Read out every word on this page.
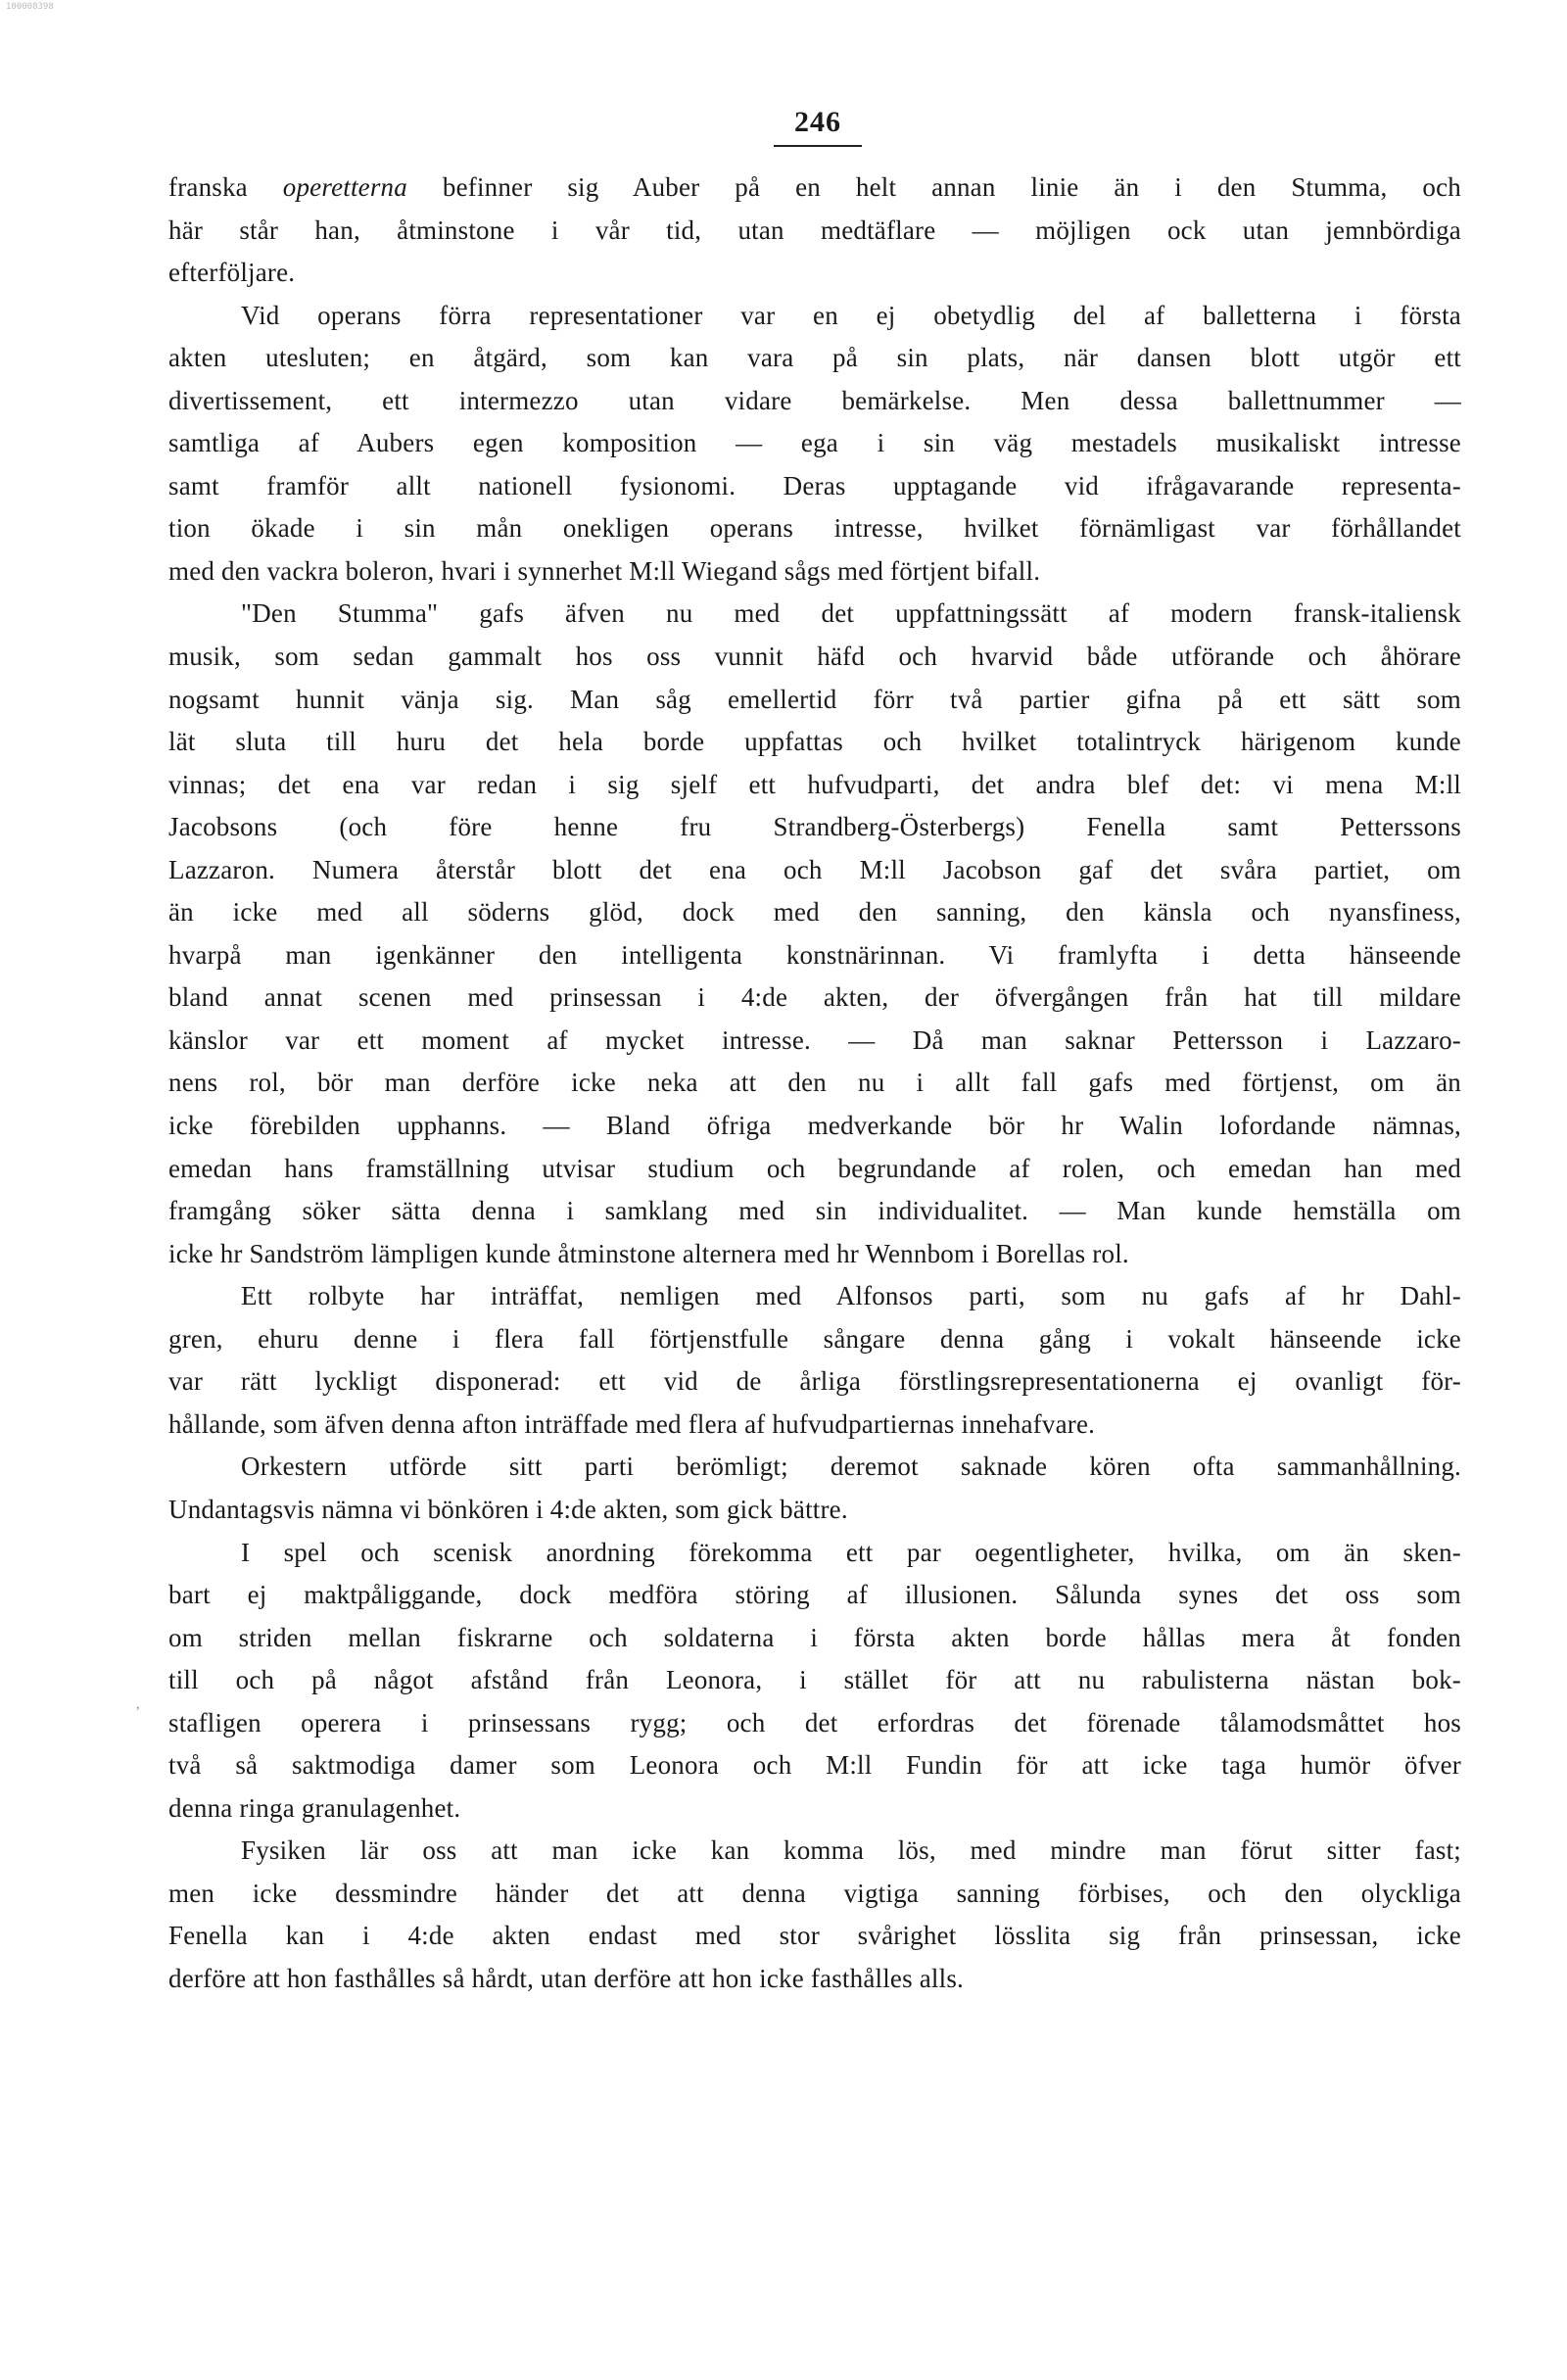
100008398
246
’
franska operetterna befinner sig Auber på en helt annan linie än i den Stumma, och
här står han, åtminstone i vår tid, utan medtäflare — möjligen ock utan jemnbördiga
efterföljare.
Vid operans förra representationer var en ej obetydlig del af balletterna i första
akten utesluten; en åtgärd, som kan vara på sin plats, när dansen blott utgör ett
divertissement, ett intermezzo utan vidare bemärkelse. Men dessa ballettnummer —
samtliga af Aubers egen komposition — ega i sin väg mestadels musikaliskt intresse
samt framför allt nationell fysionomi. Deras upptagande vid ifrågavarande representa-
tion ökade i sin mån onekligen operans intresse, hvilket förnämligast var förhållandet
med den vackra boleron, hvari i synnerhet M:ll Wiegand sågs med förtjent bifall.
"Den Stumma" gafs äfven nu med det uppfattningssätt af modern fransk-italiensk
musik, som sedan gammalt hos oss vunnit häfd och hvarvid både utförande och åhörare
nogsamt hunnit vänja sig. Man såg emellertid förr två partier gifna på ett sätt som
lät sluta till huru det hela borde uppfattas och hvilket totalintryck härigenom kunde
vinnas; det ena var redan i sig sjelf ett hufvudparti, det andra blef det: vi mena M:ll
Jacobsons (och före henne fru Strandberg-Österbergs) Fenella samt Petterssons
Lazzaron. Numera återstår blott det ena och M:ll Jacobson gaf det svåra partiet, om
än icke med all söderns glöd, dock med den sanning, den känsla och nyansfiness,
hvarpå man igenkänner den intelligenta konstnärinnan. Vi framlyfta i detta hänseende
bland annat scenen med prinsessan i 4:de akten, der öfvergången från hat till mildare
känslor var ett moment af mycket intresse. — Då man saknar Pettersson i Lazzaro-
nens rol, bör man derföre icke neka att den nu i allt fall gafs med förtjenst, om än
icke förebilden upphanns. — Bland öfriga medverkande bör hr Walin lofordande nämnas,
emedan hans framställning utvisar studium och begrundande af rolen, och emedan han med
framgång söker sätta denna i samklang med sin individualitet. — Man kunde hemställa om
icke hr Sandström lämpligen kunde åtminstone alternera med hr Wennbom i Borellas rol.
Ett rolbyte har inträffat, nemligen med Alfonsos parti, som nu gafs af hr Dahl-
gren, ehuru denne i flera fall förtjenstfulle sångare denna gång i vokalt hänseende icke
var rätt lyckligt disponerad: ett vid de årliga förstlingsrepresentationerna ej ovanligt för-
hållande, som äfven denna afton inträffade med flera af hufvudpartiernas innehafvare.
Orkestern utförde sitt parti berömligt; deremot saknade kören ofta sammanhållning.
Undantagsvis nämna vi bönkören i 4:de akten, som gick bättre.
I spel och scenisk anordning förekomma ett par oegentligheter, hvilka, om än sken-
bart ej maktpåliggande, dock medföra störing af illusionen. Sålunda synes det oss som
om striden mellan fiskrarne och soldaterna i första akten borde hållas mera åt fonden
till och på något afstånd från Leonora, i stället för att nu rabulisterna nästan bok-
stafligen operera i prinsessans rygg; och det erfordras det förenade tålamodsmåttet hos
två så saktmodiga damer som Leonora och M:ll Fundin för att icke taga humör öfver
denna ringa granulagenhet.
Fysiken lär oss att man icke kan komma lös, med mindre man förut sitter fast;
men icke dessmindre händer det att denna vigtiga sanning förbises, och den olyckliga
Fenella kan i 4:de akten endast med stor svårighet lösslita sig från prinsessan, icke
derföre att hon fasthålles så hårdt, utan derföre att hon icke fasthålles alls.
